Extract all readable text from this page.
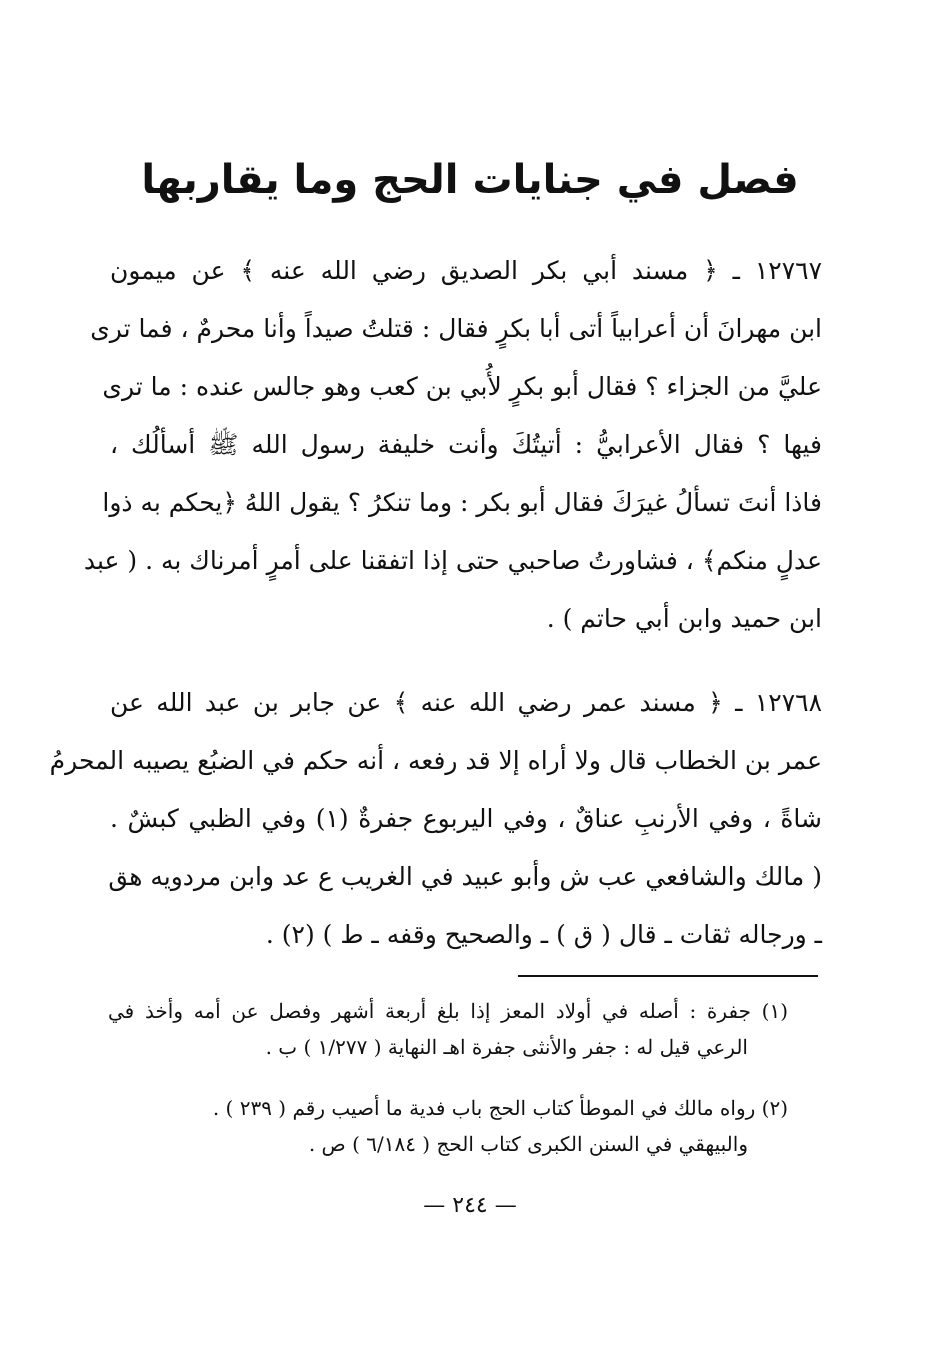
فصل في جنايات الحج وما يقاربها
١٢٧٦٧ ـ ﴿ مسند أبي بكر الصديق رضي الله عنه ﴾ عن ميمون
ابن مهرانَ أن أعرابياً أتى أبا بكرٍ فقال : قتلتُ صيداً وأنا محرمٌ ، فما ترى
عليَّ من الجزاء ؟ فقال أبو بكرٍ لأُبي بن كعب وهو جالس عنده : ما ترى
فيها ؟ فقال الأعرابيُّ : أتيتُكَ وأنت خليفة رسول الله ﷺ أسألُك ،
فاذا أنتَ تسألُ غيرَكَ فقال أبو بكر : وما تنكرُ ؟ يقول اللهُ ﴿يحكم به ذوا
عدلٍ منكم﴾ ، فشاورتُ صاحبي حتى إذا اتفقنا على أمرٍ أمرناك به . ( عبد
ابن حميد وابن أبي حاتم ) .
١٢٧٦٨ ـ ﴿ مسند عمر رضي الله عنه ﴾ عن جابر بن عبد الله عن
عمر بن الخطاب قال ولا أراه إلا قد رفعه ، أنه حكم في الضبُع يصيبه المحرمُ
شاةً ، وفي الأرنبِ عناقٌ ، وفي اليربوع جفرةٌ (١) وفي الظبي كبشٌ .
( مالك والشافعي عب ش وأبو عبيد في الغريب ع عد وابن مردويه هق
ـ ورجاله ثقات ـ قال ( ق ) ـ والصحيح وقفه ـ ط ) (٢) .
(١) جفرة : أصله في أولاد المعز إذا بلغ أربعة أشهر وفصل عن أمه وأخذ في
الرعي قيل له : جفر والأنثى جفرة اهـ النهاية ( ١/٢٧٧ ) ب .
(٢) رواه مالك في الموطأ كتاب الحج باب فدية ما أصيب رقم ( ٢٣٩ ) .
والبيهقي في السنن الكبرى كتاب الحج ( ٦/١٨٤ ) ص .
— ٢٤٤ —
